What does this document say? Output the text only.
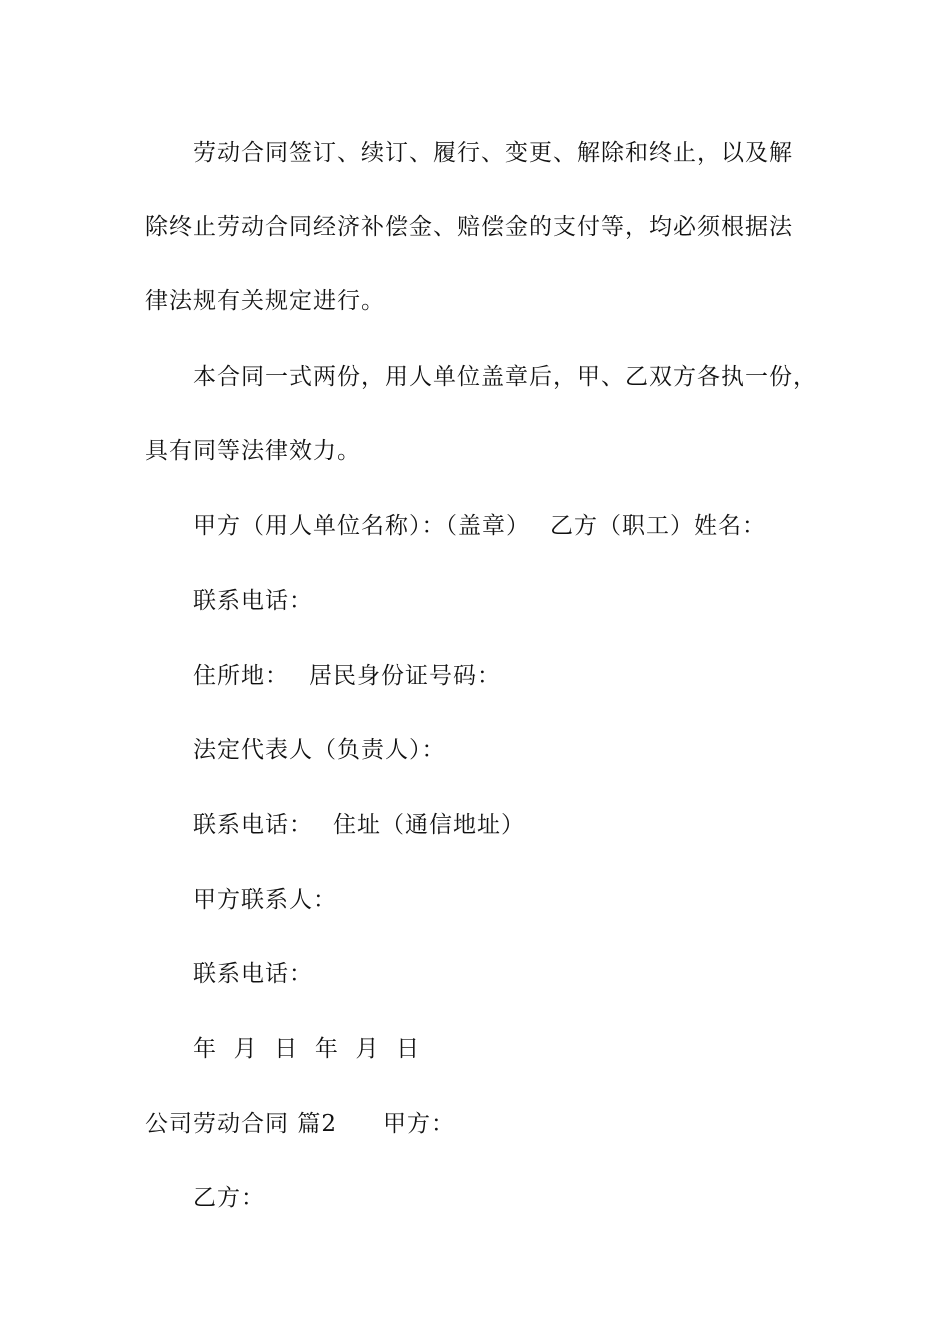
劳动合同签订、续订、履行、变更、解除和终止，以及解
除终止劳动合同经济补偿金、赔偿金的支付等，均必须根据法
律法规有关规定进行。
本合同一式两份，用人单位盖章后，甲、乙双方各执一份，
具有同等法律效力。
甲方（用人单位名称）：（盖章） 乙方（职工）姓名：
联系电话：
住所地： 居民身份证号码：
法定代表人（负责人）：
联系电话： 住址（通信地址）
甲方联系人：
联系电话：
年  月  日  年  月  日
公司劳动合同 篇2 甲方：
乙方：
